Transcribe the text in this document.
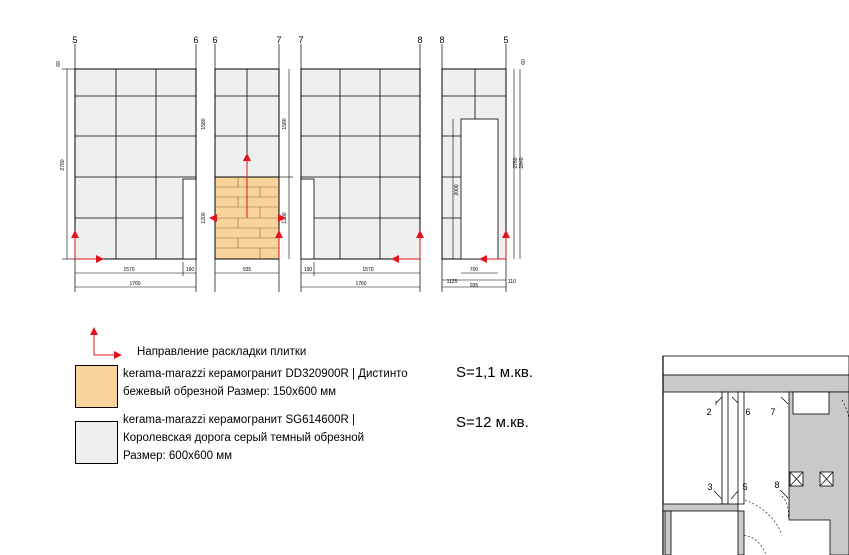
5	6
2780
60
1570	190
1760
6	7
1580
1200
1580
1200
935
7	8
190	1570
1760
8	5
2000
2780 2840
60
700
1125
935
110
2	6 7
3	5	8
Направление раскладки плитки
kerama-marazzi керамогранит DD320900R | Дистинто
бежевый обрезной Размер: 150х600 мм
S=1,1 м.кв.
kerama-marazzi керамогранит SG614600R |
Королевская дорога серый темный обрезной
Размер: 600х600 мм
S=12 м.кв.
